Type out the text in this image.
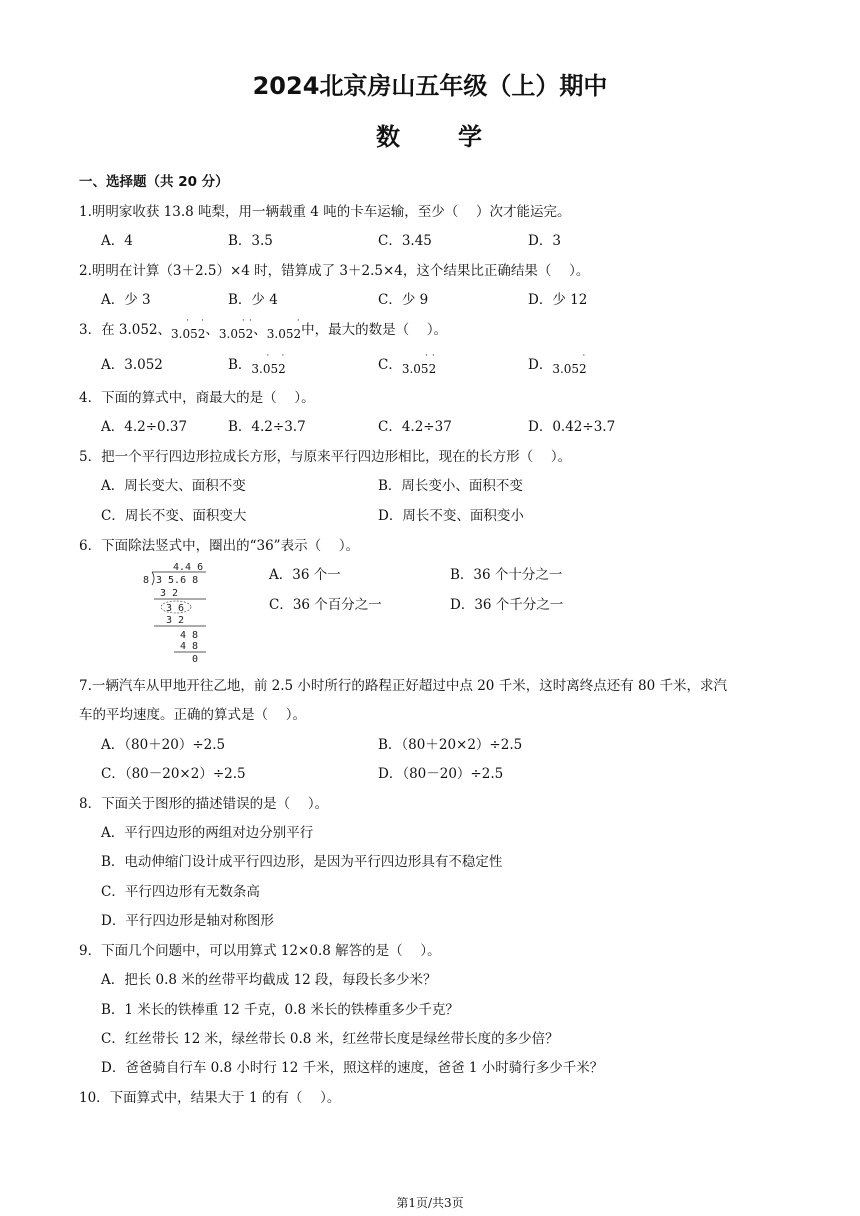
2024北京房山五年级（上）期中
数 学
一、选择题（共 20 分）
1.明明家收获 13.8 吨梨，用一辆载重 4 吨的卡车运输，至少（　 ）次才能运完。
A．4	B．3.5	C．3.45	D．3
2.明明在计算（3＋2.5）×4 时，错算成了 3＋2.5×4，这个结果比正确结果（　 ）。
A．少 3	B．少 4	C．少 9	D．少 12
3．在 3.052、3.052
˙ ˙ 、3.052
˙ ˙ 、3.052
˙ 中，最大的数是（　 ）。
A．3.052	B．3.052
˙ ˙	C．3.052
˙ ˙	D．3.052
˙
4．下面的算式中，商最大的是（　 ）。
A．4.2÷0.37	B．4.2÷3.7	C．4.2÷37	D．0.42÷3.7
5．把一个平行四边形拉成长方形，与原来平行四边形相比，现在的长方形（　 ）。
A．周长变大、面积不变	B．周长变小、面积不变
C．周长不变、面积变大	D．周长不变、面积变小
6．下面除法竖式中，圈出的“36”表示（　 ）。
4.4 6
8 3 5.6 8
3 2
3 6
3 2
4 8
4 8
0
A．36 个一	B．36 个十分之一
C．36 个百分之一	D．36 个千分之一
7.一辆汽车从甲地开往乙地，前 2.5 小时所行的路程正好超过中点 20 千米，这时离终点还有 80 千米，求汽
车的平均速度。正确的算式是（　 ）。
A．（80＋20）÷2.5	B．（80＋20×2）÷2.5
C．（80－20×2）÷2.5	D．（80－20）÷2.5
8．下面关于图形的描述错误的是（　 ）。
A．平行四边形的两组对边分别平行
B．电动伸缩门设计成平行四边形，是因为平行四边形具有不稳定性
C．平行四边形有无数条高
D．平行四边形是轴对称图形
9．下面几个问题中，可以用算式 12×0.8 解答的是（　 ）。
A．把长 0.8 米的丝带平均截成 12 段，每段长多少米？
B．1 米长的铁棒重 12 千克，0.8 米长的铁棒重多少千克？
C．红丝带长 12 米，绿丝带长 0.8 米，红丝带长度是绿丝带长度的多少倍？
D．爸爸骑自行车 0.8 小时行 12 千米，照这样的速度，爸爸 1 小时骑行多少千米？
10．下面算式中，结果大于 1 的有（　 ）。
第1页/共3页
